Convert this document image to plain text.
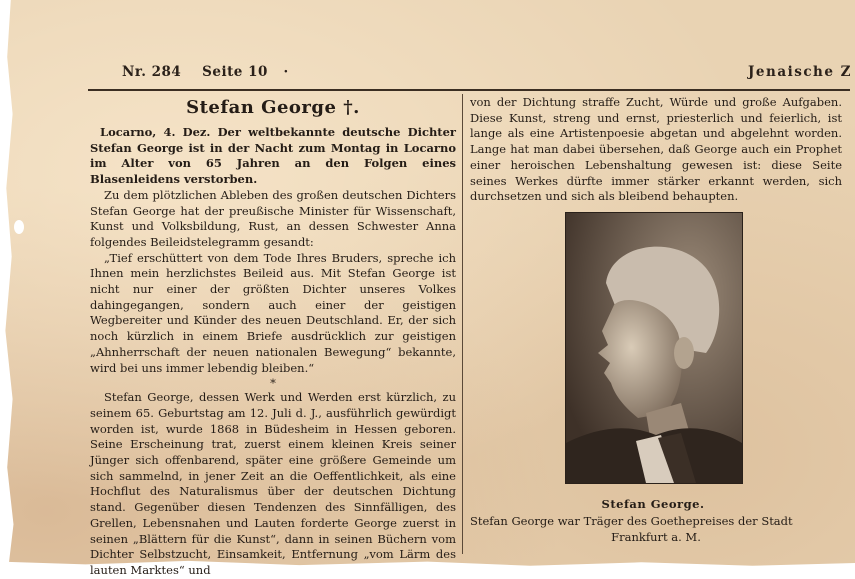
Nr. 284 Seite 10 ·	Jenaische Z
Stefan George †.

Locarno, 4. Dez. Der weltbekannte deutsche Dichter Stefan George ist in der Nacht zum Montag in Locarno im Alter von 65 Jahren an den Folgen eines Blasenleidens verstorben.

Zu dem plötzlichen Ableben des großen deutschen Dichters Stefan George hat der preußische Minister für Wissenschaft, Kunst und Volksbildung, Rust, an dessen Schwester Anna folgendes Beileidstelegramm gesandt:

„Tief erschüttert von dem Tode Ihres Bruders, spreche ich Ihnen mein herzlichstes Beileid aus. Mit Stefan George ist nicht nur einer der größten Dichter unseres Volkes dahingegangen, sondern auch einer der geistigen Wegbereiter und Künder des neuen Deutschland. Er, der sich noch kürzlich in einem Briefe ausdrücklich zur geistigen „Ahnherrschaft der neuen nationalen Bewegung“ bekannte, wird bei uns immer lebendig bleiben.“

*

Stefan George, dessen Werk und Werden erst kürzlich, zu seinem 65. Geburtstag am 12. Juli d. J., ausführlich gewürdigt worden ist, wurde 1868 in Büdesheim in Hessen geboren. Seine Erscheinung trat, zuerst einem kleinen Kreis seiner Jünger sich offenbarend, später eine größere Gemeinde um sich sammelnd, in jener Zeit an die Oeffentlichkeit, als eine Hochflut des Naturalismus über der deutschen Dichtung stand. Gegenüber diesen Tendenzen des Sinnfälligen, des Grellen, Lebensnahen und Lauten forderte George zuerst in seinen „Blättern für die Kunst“, dann in seinen Büchern vom Dichter Selbstzucht, Einsamkeit, Entfernung „vom Lärm des lauten Marktes“ und

von der Dichtung straffe Zucht, Würde und große Aufgaben. Diese Kunst, streng und ernst, priesterlich und feierlich, ist lange als eine Artistenpoesie abgetan und abgelehnt worden. Lange hat man dabei übersehen, daß George auch ein Prophet einer heroischen Lebenshaltung gewesen ist: diese Seite seines Werkes dürfte immer stärker erkannt werden, sich durchsetzen und sich als bleibend behaupten.

Stefan George.
Stefan George war Träger des Goethepreises der Stadt
Frankfurt a. M.
